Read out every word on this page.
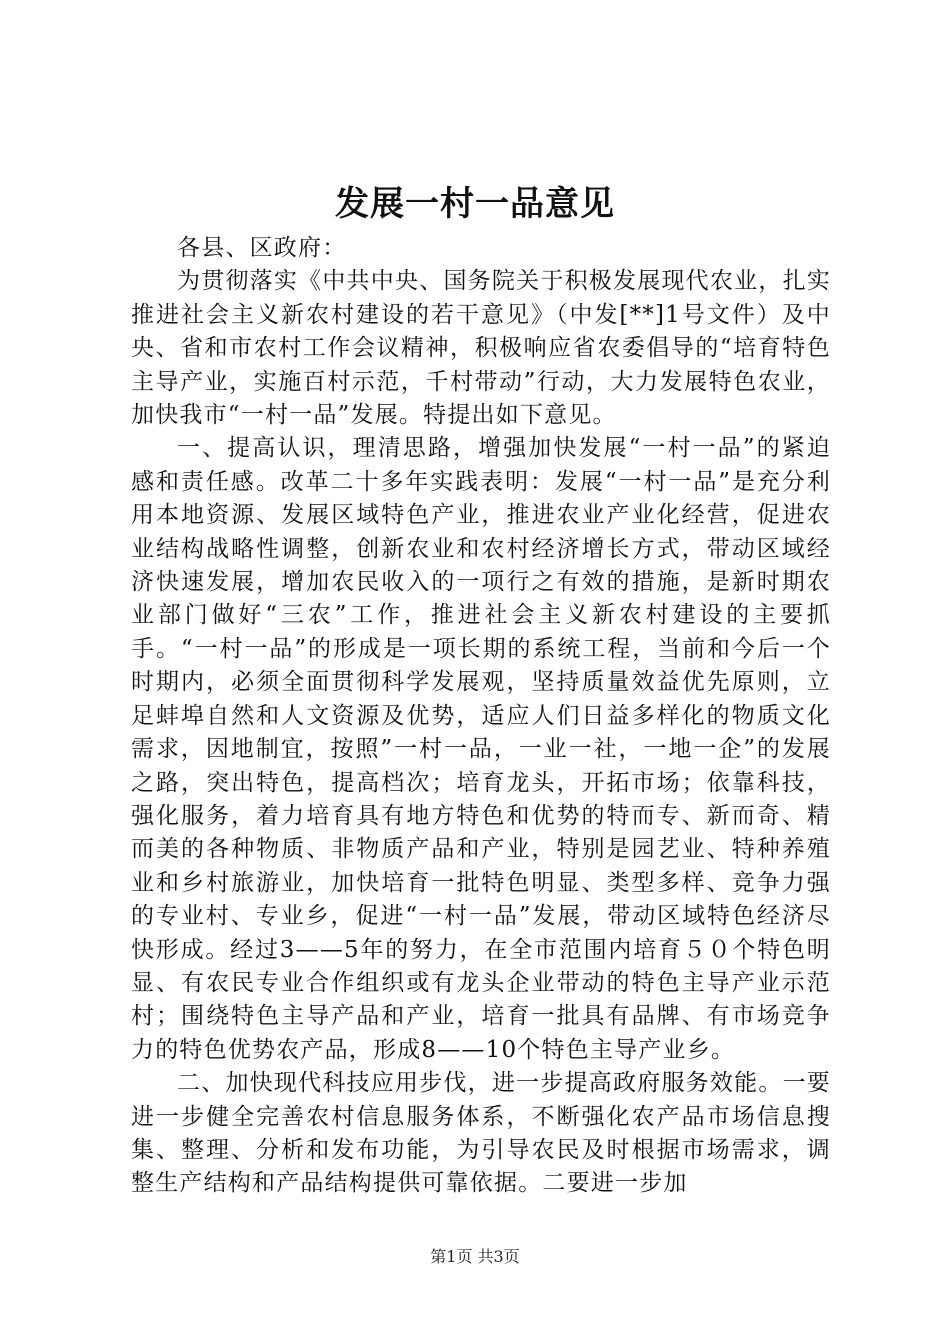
发展一村一品意见

各县、区政府：

为贯彻落实《中共中央、国务院关于积极发展现代农业，扎实推进社会主义新农村建设的若干意见》（中发[**]1号文件）及中央、省和市农村工作会议精神，积极响应省农委倡导的“培育特色主导产业，实施百村示范，千村带动”行动，大力发展特色农业，加快我市“一村一品”发展。特提出如下意见。

一、提高认识，理清思路，增强加快发展“一村一品”的紧迫感和责任感。改革二十多年实践表明：发展“一村一品”是充分利用本地资源、发展区域特色产业，推进农业产业化经营，促进农业结构战略性调整，创新农业和农村经济增长方式，带动区域经济快速发展，增加农民收入的一项行之有效的措施，是新时期农业部门做好“三农”工作，推进社会主义新农村建设的主要抓手。“一村一品”的形成是一项长期的系统工程，当前和今后一个时期内，必须全面贯彻科学发展观，坚持质量效益优先原则，立足蚌埠自然和人文资源及优势，适应人们日益多样化的物质文化需求，因地制宜，按照”一村一品，一业一社，一地一企”的发展之路，突出特色，提高档次；培育龙头，开拓市场；依靠科技，强化服务，着力培育具有地方特色和优势的特而专、新而奇、精而美的各种物质、非物质产品和产业，特别是园艺业、特种养殖业和乡村旅游业，加快培育一批特色明显、类型多样、竞争力强的专业村、专业乡，促进“一村一品”发展，带动区域特色经济尽快形成。经过3——5年的努力，在全市范围内培育５０个特色明显、有农民专业合作组织或有龙头企业带动的特色主导产业示范村；围绕特色主导产品和产业，培育一批具有品牌、有市场竞争力的特色优势农产品，形成8——10个特色主导产业乡。

二、加快现代科技应用步伐，进一步提高政府服务效能。一要进一步健全完善农村信息服务体系，不断强化农产品市场信息搜集、整理、分析和发布功能，为引导农民及时根据市场需求，调整生产结构和产品结构提供可靠依据。二要进一步加

第1页 共3页
